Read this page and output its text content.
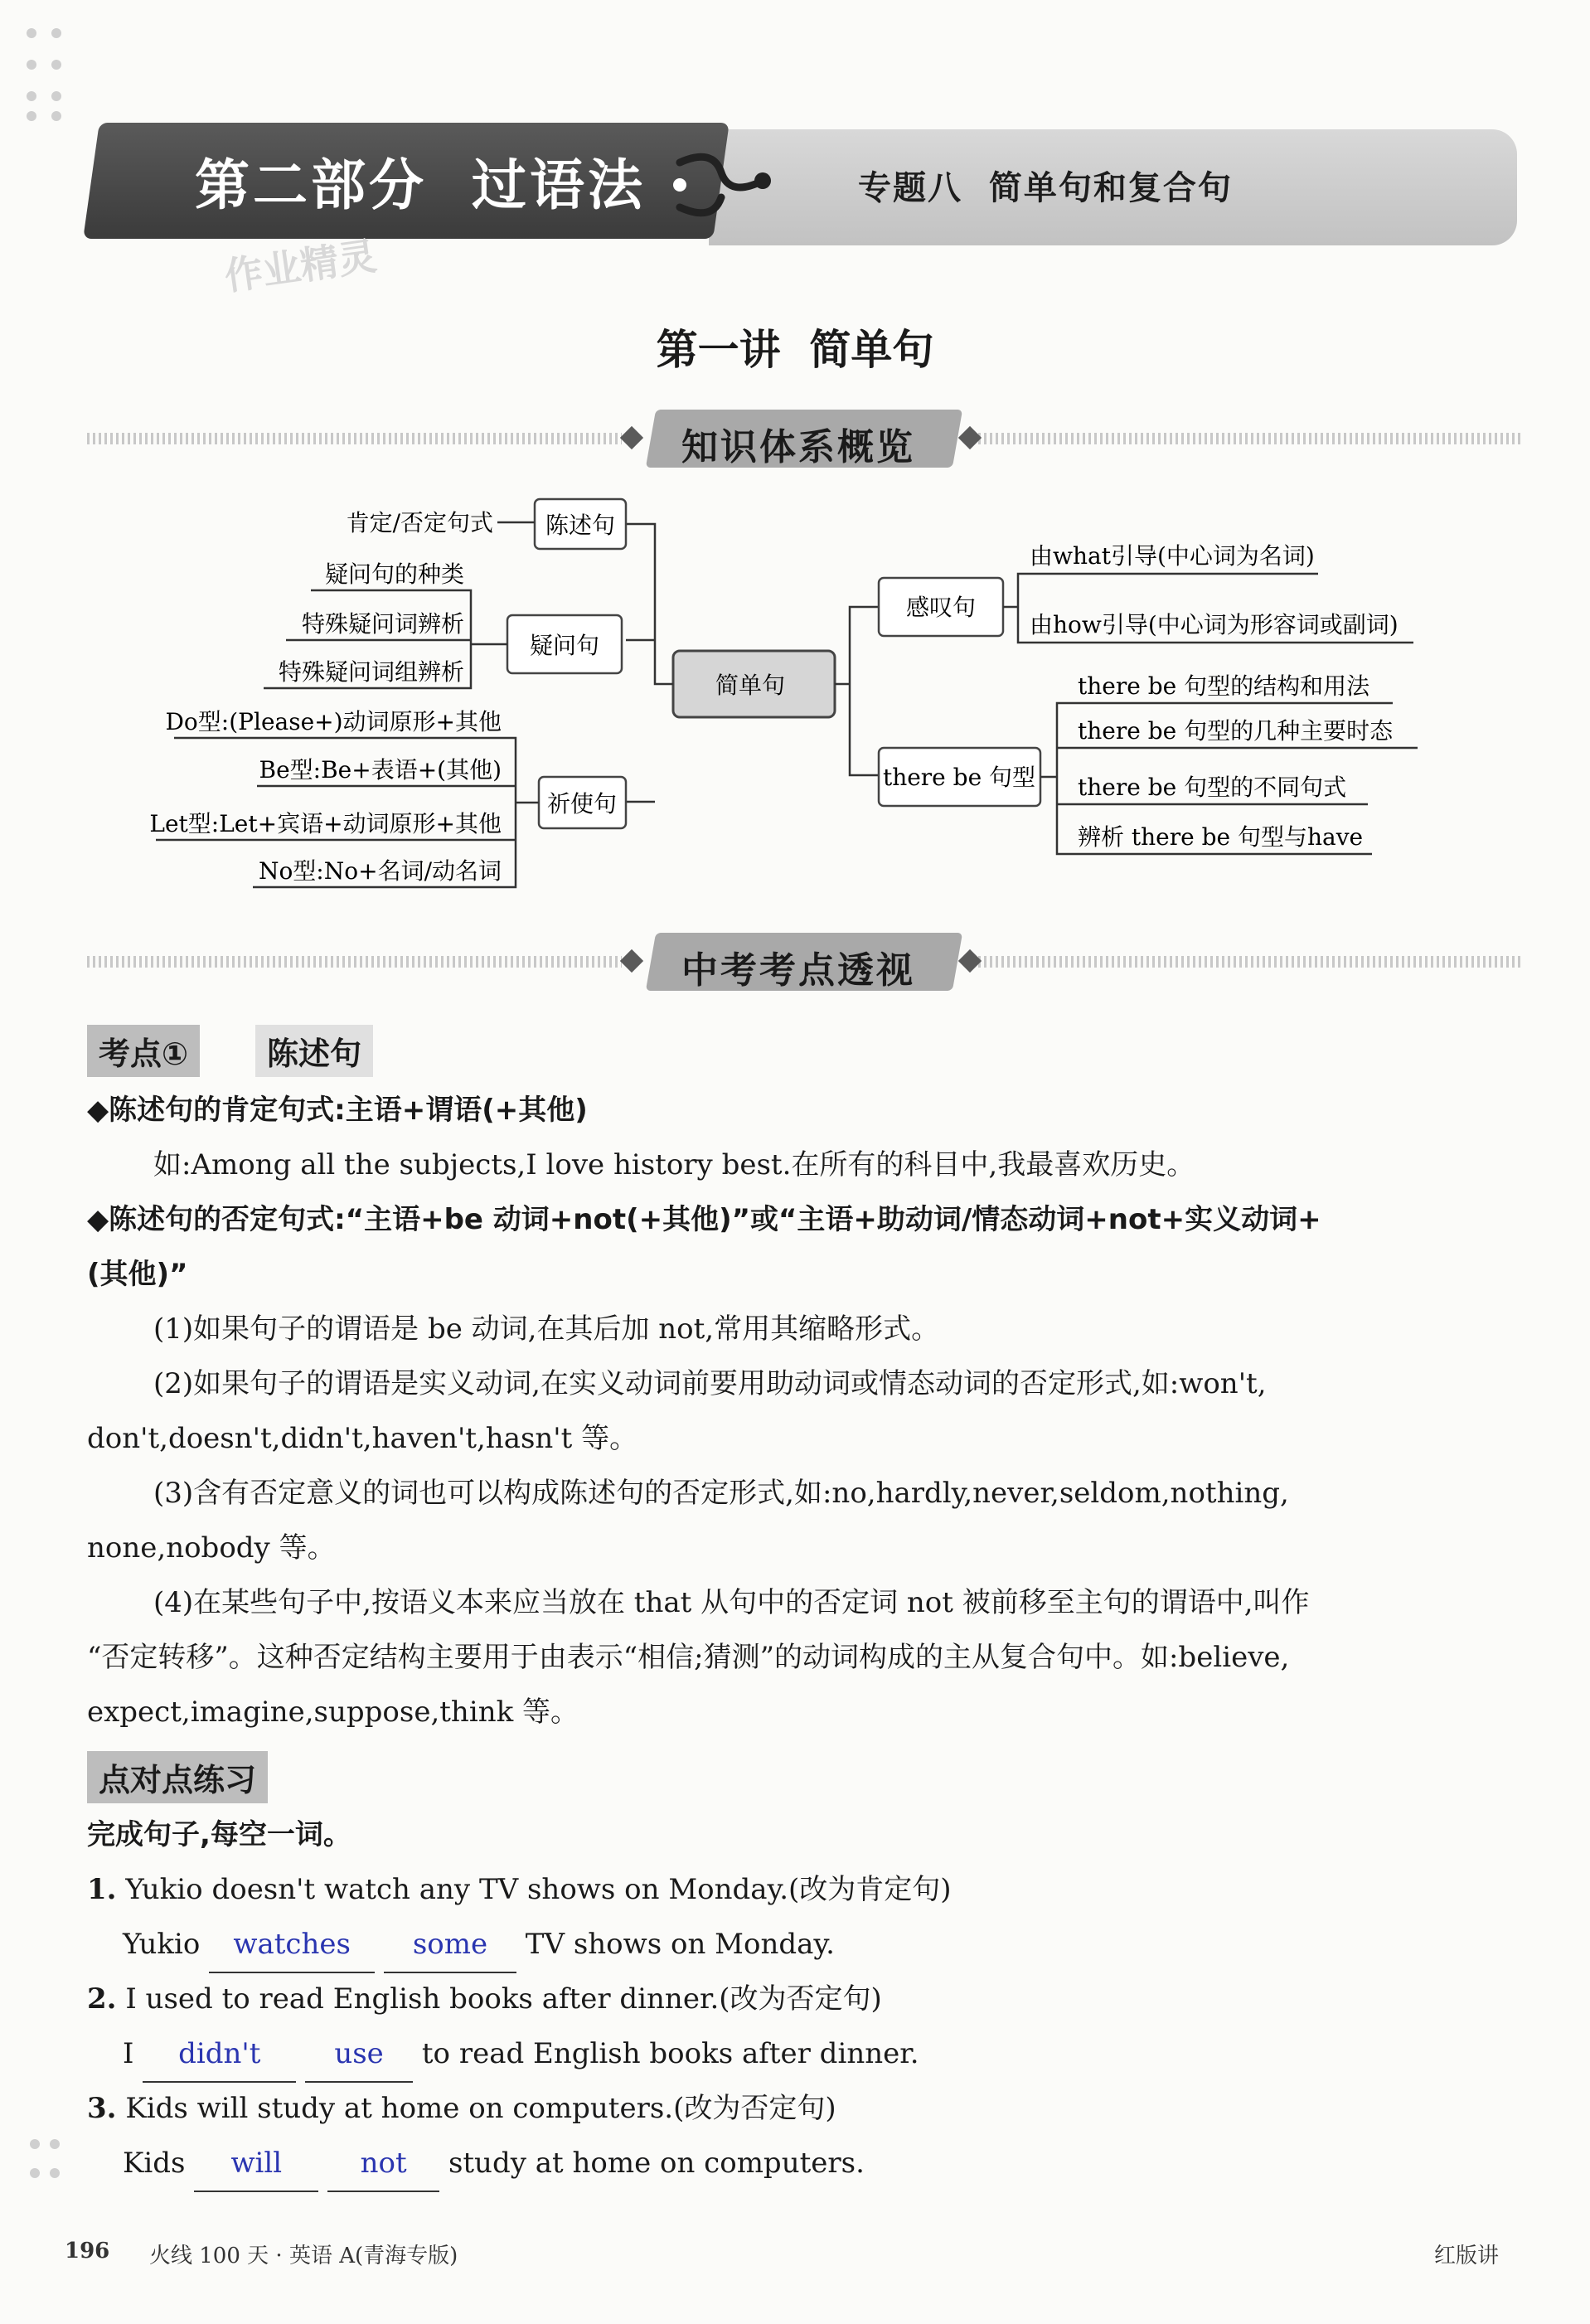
第二部分  过语法	专题八  简单句和复合句
作业精灵
第一讲  简单句
知识体系概览
简单句
陈述句
肯定/否定句式
疑问句
疑问句的种类
特殊疑问词辨析
特殊疑问词组辨析
祈使句
Do型:(Please+)动词原形+其他
Be型:Be+表语+(其他)
Let型:Let+宾语+动词原形+其他
No型:No+名词/动名词
感叹句
由what引导(中心词为名词)
由how引导(中心词为形容词或副词)
there be 句型
there be 句型的结构和用法
there be 句型的几种主要时态
there be 句型的不同句式
辨析 there be 句型与have
中考考点透视
考点①	陈述句
◆陈述句的肯定句式:主语+谓语(+其他)
如:Among all the subjects,I love history best.在所有的科目中,我最喜欢历史。
◆陈述句的否定句式:“主语+be 动词+not(+其他)”或“主语+助动词/情态动词+not+实义动词+
(其他)”
(1)如果句子的谓语是 be 动词,在其后加 not,常用其缩略形式。
(2)如果句子的谓语是实义动词,在实义动词前要用助动词或情态动词的否定形式,如:won't,
don't,doesn't,didn't,haven't,hasn't 等。
(3)含有否定意义的词也可以构成陈述句的否定形式,如:no,hardly,never,seldom,nothing,
none,nobody 等。
(4)在某些句子中,按语义本来应当放在 that 从句中的否定词 not 被前移至主句的谓语中,叫作
“否定转移”。这种否定结构主要用于由表示“相信;猜测”的动词构成的主从复合句中。如:believe,
expect,imagine,suppose,think 等。
点对点练习
完成句子,每空一词。
1. Yukio doesn't watch any TV shows on Monday.(改为肯定句)
Yukio watches some TV shows on Monday.
2. I used to read English books after dinner.(改为否定句)
I didn't	use to read English books after dinner.
3. Kids will study at home on computers.(改为否定句)
Kids will	not study at home on computers.
196 火线 100 天 · 英语 A(青海专版)	红版讲
